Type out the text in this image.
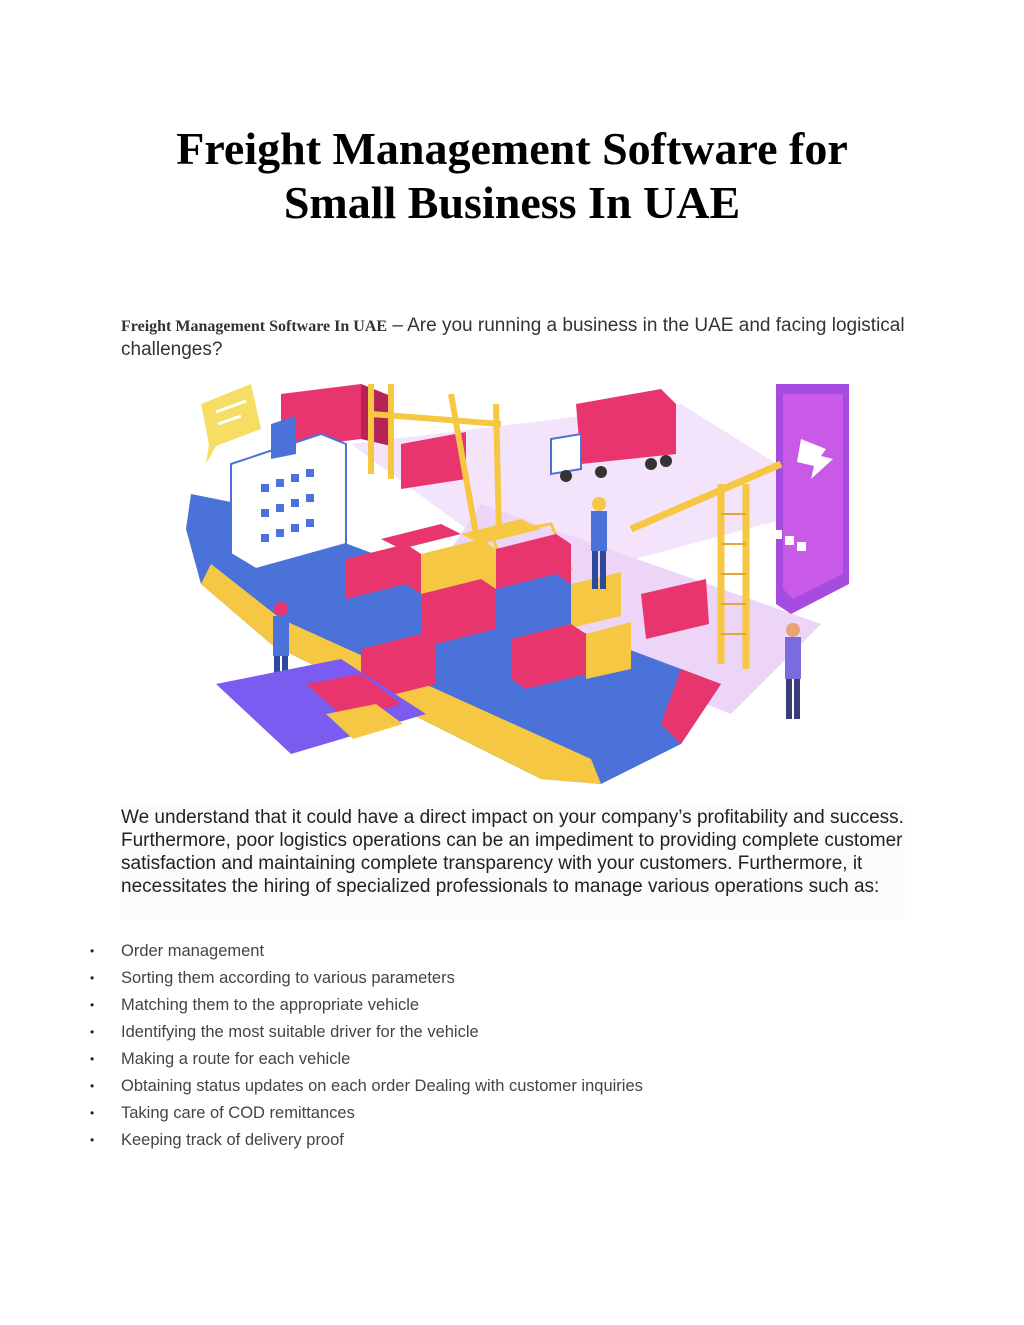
Freight Management Software for
Small Business In UAE
Freight Management Software In UAE – Are you running a business in the UAE and facing logistical challenges?
We understand that it could have a direct impact on your company’s profitability and success. Furthermore, poor logistics operations can be an impediment to providing complete customer satisfaction and maintaining complete transparency with your customers. Furthermore, it necessitates the hiring of specialized professionals to manage various operations such as:
• Order management
• Sorting them according to various parameters
• Matching them to the appropriate vehicle
• Identifying the most suitable driver for the vehicle
• Making a route for each vehicle
• Obtaining status updates on each order Dealing with customer inquiries
• Taking care of COD remittances
• Keeping track of delivery proof
